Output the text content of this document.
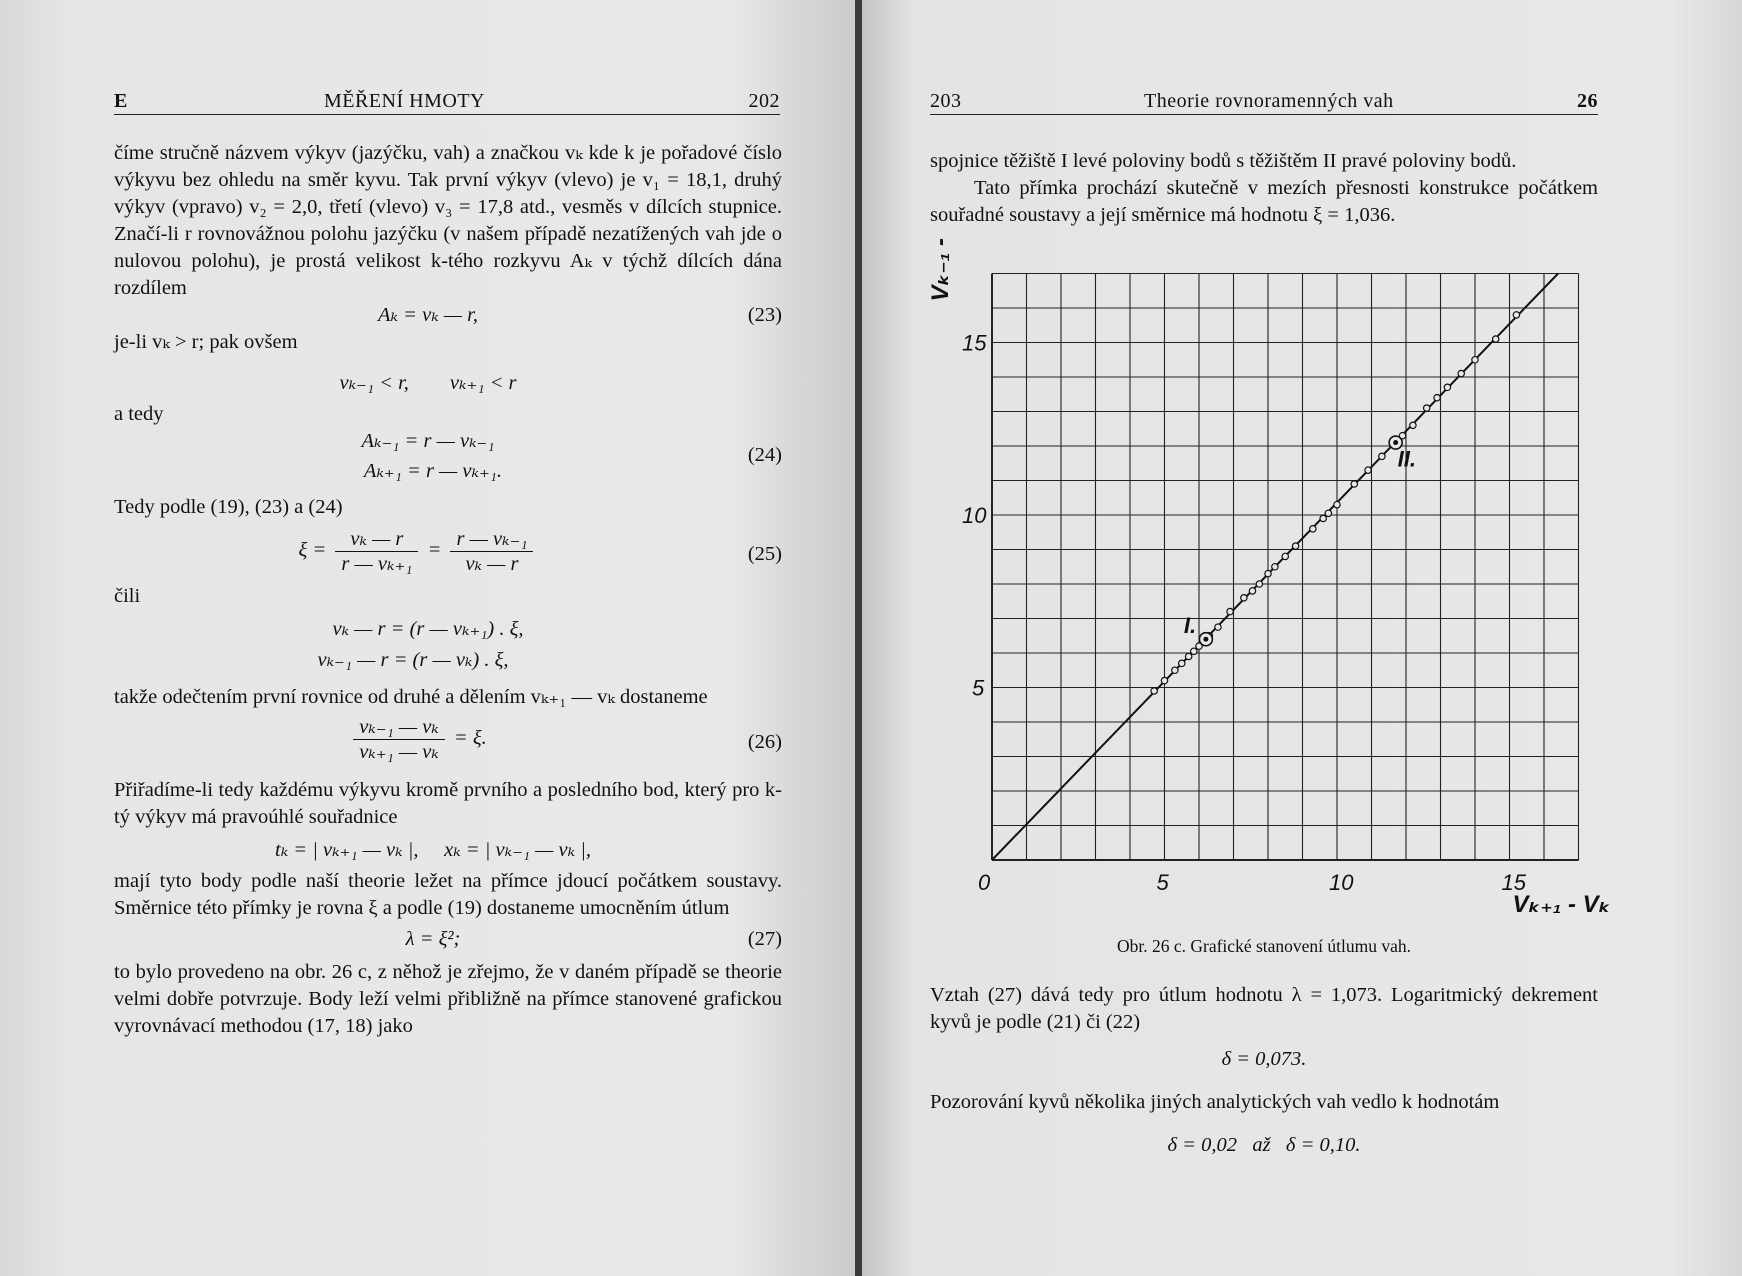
E	MĚŘENÍ HMOTY	202

číme stručně názvem výkyv (jazýčku, vah) a značkou vₖ kde k je pořadové číslo výkyvu bez ohledu na směr kyvu. Tak první výkyv (vlevo) je v₁ = 18,1, druhý výkyv (vpravo) v₂ = 2,0, třetí (vlevo) v₃ = 17,8 atd., vesměs v dílcích stupnice. Značí-li r rovnovážnou polohu jazýčku (v našem případě nezatížených vah jde o nulovou polohu), je prostá velikost k-tého rozkyvu Aₖ v týchž dílcích dána rozdílem

Aₖ = vₖ — r,	(23)

je-li vₖ > r; pak ovšem

vₖ₋₁ < r,        vₖ₊₁ < r

a tedy

Aₖ₋₁ = r — vₖ₋₁
Aₖ₊₁ = r — vₖ₊₁.
(24)

Tedy podle (19), (23) a (24)

$\xi = \frac{\text{vₖ — r}}{\text{r — vₖ₊₁}} = \frac{\text{r — vₖ₋₁}}{\text{vₖ — r}}$	(25)

čili

vₖ — r = (r — vₖ₊₁) . ξ,
vₖ₋₁ — r = (r — vₖ) . ξ,

takže odečtením první rovnice od druhé a dělením vₖ₊₁ — vₖ dostaneme

$\frac{\text{vₖ₋₁ — vₖ}}{\text{vₖ₊₁ — vₖ}} = \xi$.	(26)

Přiřadíme-li tedy každému výkyvu kromě prvního a posledního bod, který pro k-tý výkyv má pravoúhlé souřadnice

tₖ = | vₖ₊₁ — vₖ |,     xₖ = | vₖ₋₁ — vₖ |,

mají tyto body podle naší theorie ležet na přímce jdoucí počátkem soustavy. Směrnice této přímky je rovna ξ a podle (19) dostaneme umocněním útlum

λ = ξ²;	(27)

to bylo provedeno na obr. 26 c, z něhož je zřejmo, že v daném případě se theorie velmi dobře potvrzuje. Body leží velmi přibližně na přímce stanovené grafickou vyrovnávací methodou (17, 18) jako

203	Theorie rovnoramenných vah	26

spojnice těžiště I levé poloviny bodů s těžištěm II pravé poloviny bodů.

Tato přímka prochází skutečně v mezích přesnosti konstrukce počátkem souřadné soustavy a její směrnice má hodnotu ξ = 1,036.

I.
II.
0	5	10	15
5
10
15
Vₖ₊₁ - Vₖ
Vₖ₋₁ - Vₖ
Obr. 26 c. Grafické stanovení útlumu vah.

Vztah (27) dává tedy pro útlum hodnotu λ = 1,073. Logaritmický dekrement kyvů je podle (21) či (22)

δ = 0,073.

Pozorování kyvů několika jiných analytických vah vedlo k hodnotám

δ = 0,02   až   δ = 0,10.
